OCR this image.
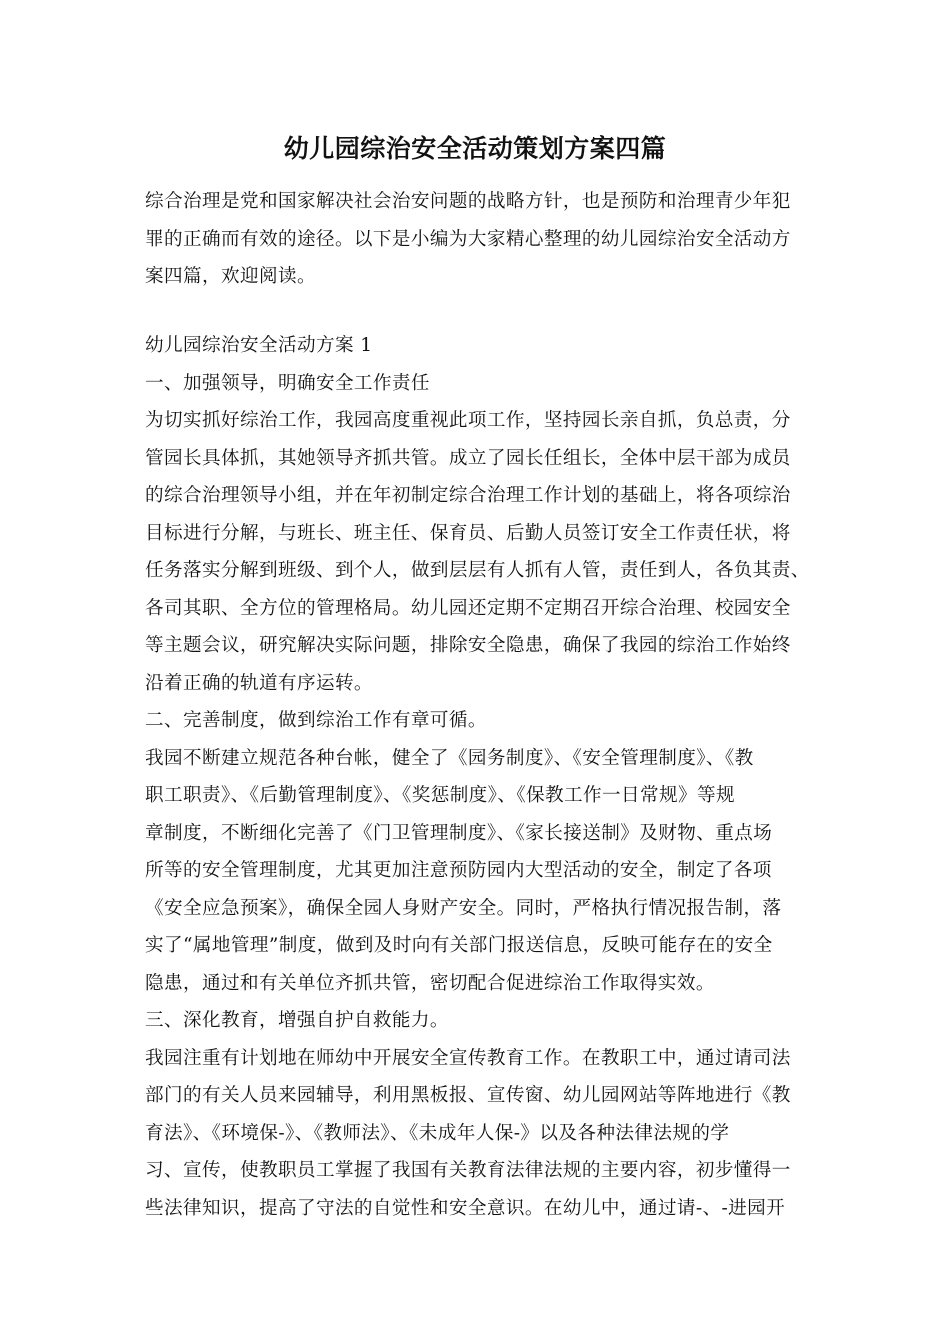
幼儿园综治安全活动策划方案四篇
综合治理是党和国家解决社会治安问题的战略方针，也是预防和治理青少年犯
罪的正确而有效的途径。以下是小编为大家精心整理的幼儿园综治安全活动方
案四篇，欢迎阅读。
幼儿园综治安全活动方案 1
一、加强领导，明确安全工作责任
为切实抓好综治工作，我园高度重视此项工作，坚持园长亲自抓，负总责，分
管园长具体抓，其她领导齐抓共管。成立了园长任组长，全体中层干部为成员
的综合治理领导小组，并在年初制定综合治理工作计划的基础上，将各项综治
目标进行分解，与班长、班主任、保育员、后勤人员签订安全工作责任状，将
任务落实分解到班级、到个人，做到层层有人抓有人管，责任到人，各负其责、
各司其职、全方位的管理格局。幼儿园还定期不定期召开综合治理、校园安全
等主题会议，研究解决实际问题，排除安全隐患，确保了我园的综治工作始终
沿着正确的轨道有序运转。
二、完善制度，做到综治工作有章可循。
我园不断建立规范各种台帐，健全了《园务制度》、《安全管理制度》、《教
职工职责》、《后勤管理制度》、《奖惩制度》、《保教工作一日常规》等规
章制度，不断细化完善了《门卫管理制度》、《家长接送制》及财物、重点场
所等的安全管理制度，尤其更加注意预防园内大型活动的安全，制定了各项
《安全应急预案》，确保全园人身财产安全。同时，严格执行情况报告制，落
实了“属地管理”制度，做到及时向有关部门报送信息，反映可能存在的安全
隐患，通过和有关单位齐抓共管，密切配合促进综治工作取得实效。
三、深化教育，增强自护自救能力。
我园注重有计划地在师幼中开展安全宣传教育工作。在教职工中，通过请司法
部门的有关人员来园辅导，利用黑板报、宣传窗、幼儿园网站等阵地进行《教
育法》、《环境保-》、《教师法》、《未成年人保-》以及各种法律法规的学
习、宣传，使教职员工掌握了我国有关教育法律法规的主要内容，初步懂得一
些法律知识，提高了守法的自觉性和安全意识。在幼儿中，通过请-、-进园开
